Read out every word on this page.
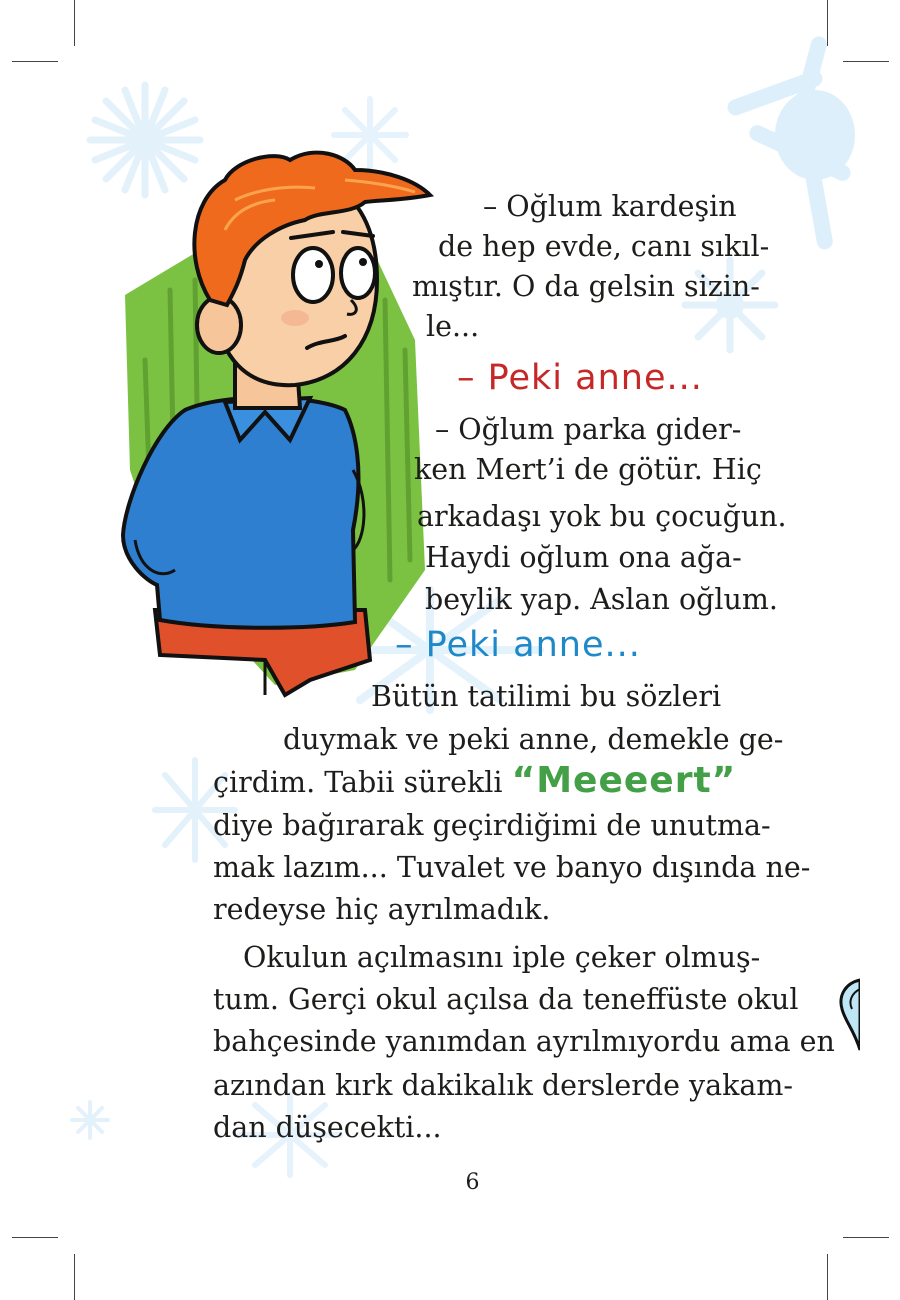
– Oğlum kardeşin
de hep evde, canı sıkıl-
mıştır. O da gelsin sizin-
le...
– Peki anne...
– Oğlum parka gider-
ken Mert’i de götür. Hiç
arkadaşı yok bu çocuğun.
Haydi oğlum ona ağa-
beylik yap. Aslan oğlum.
– Peki anne...
Bütün tatilimi bu sözleri
duymak ve peki anne, demekle ge-
çirdim. Tabii sürekli “Meeeert”
diye bağırarak geçirdiğimi de unutma-
mak lazım... Tuvalet ve banyo dışında ne-
redeyse hiç ayrılmadık.
Okulun açılmasını iple çeker olmuş-
tum. Gerçi okul açılsa da teneffüste okul
bahçesinde yanımdan ayrılmıyordu ama en
azından kırk dakikalık derslerde yakam-
dan düşecekti...
6
